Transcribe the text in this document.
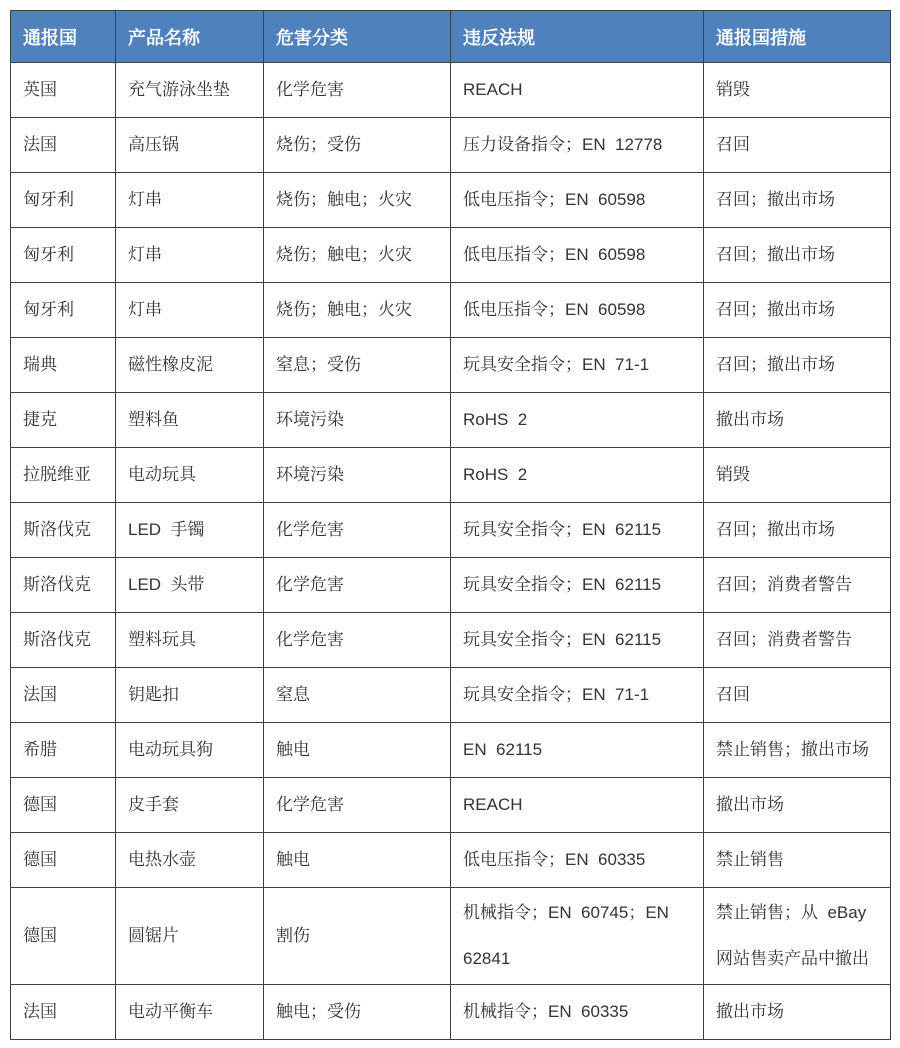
通报国	产品名称	危害分类	违反法规	通报国措施
英国	充气游泳坐垫	化学危害	REACH	销毁
法国	高压锅	烧伤；受伤	压力设备指令；EN  12778	召回
匈牙利	灯串	烧伤；触电；火灾	低电压指令；EN  60598	召回；撤出市场
匈牙利	灯串	烧伤；触电；火灾	低电压指令；EN  60598	召回；撤出市场
匈牙利	灯串	烧伤；触电；火灾	低电压指令；EN  60598	召回；撤出市场
瑞典	磁性橡皮泥	窒息；受伤	玩具安全指令；EN  71-1	召回；撤出市场
捷克	塑料鱼	环境污染	RoHS  2	撤出市场
拉脱维亚	电动玩具	环境污染	RoHS  2	销毁
斯洛伐克	LED  手镯	化学危害	玩具安全指令；EN  62115	召回；撤出市场
斯洛伐克	LED  头带	化学危害	玩具安全指令；EN  62115	召回；消费者警告
斯洛伐克	塑料玩具	化学危害	玩具安全指令；EN  62115	召回；消费者警告
法国	钥匙扣	窒息	玩具安全指令；EN  71-1	召回
希腊	电动玩具狗	触电	EN  62115	禁止销售；撤出市场
德国	皮手套	化学危害	REACH	撤出市场
德国	电热水壶	触电	低电压指令；EN  60335	禁止销售
德国	圆锯片	割伤	机械指令；EN  60745；EN  62841	禁止销售；从  eBay  网站售卖产品中撤出
法国	电动平衡车	触电；受伤	机械指令；EN  60335	撤出市场
